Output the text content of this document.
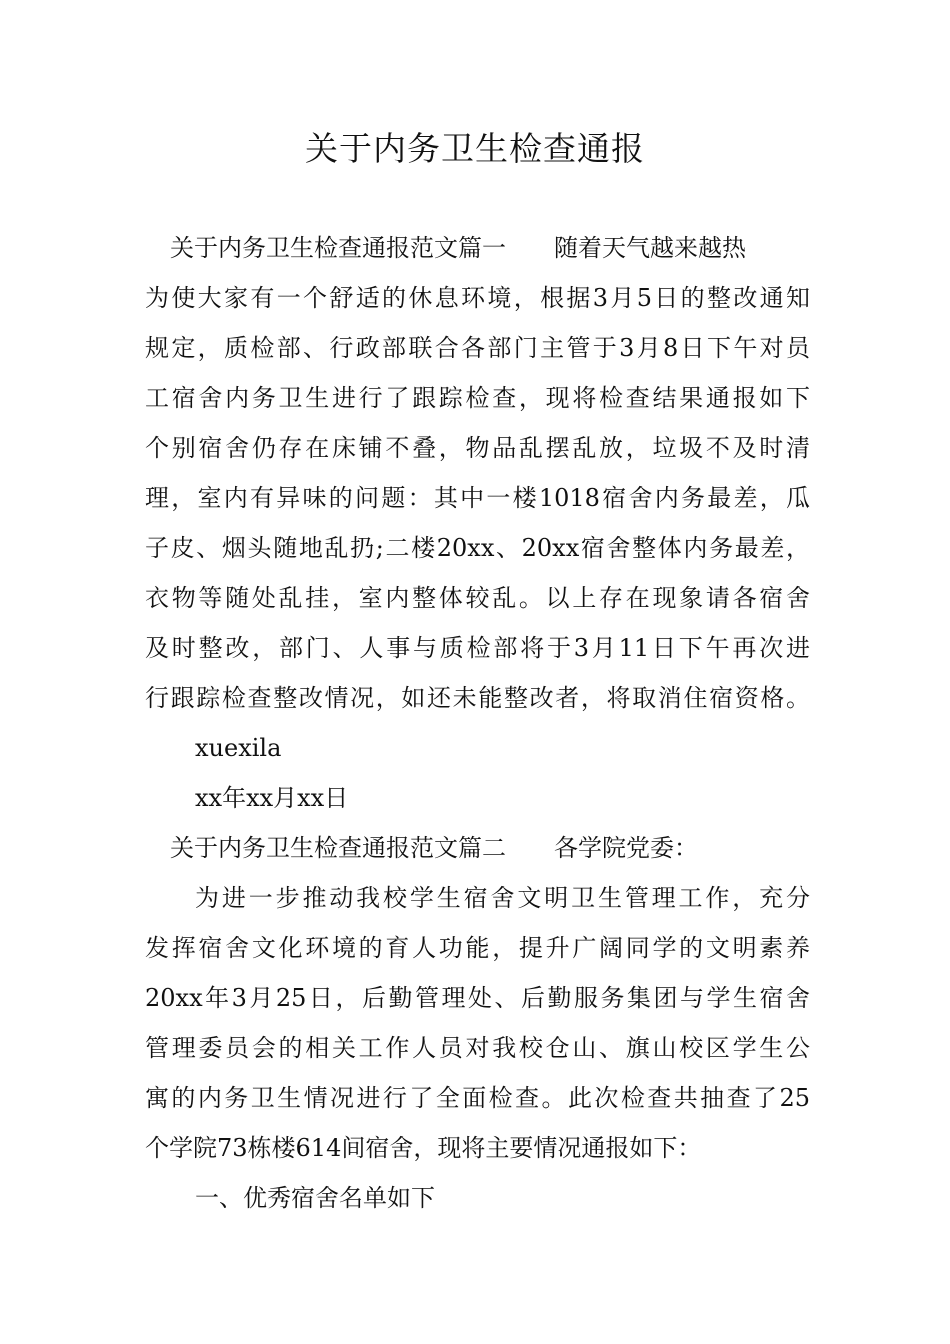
关于内务卫生检查通报

关于内务卫生检查通报范文篇一 随着天气越来越热

为使大家有一个舒适的休息环境，根据3月5日的整改通知

规定，质检部、行政部联合各部门主管于3月8日下午对员

工宿舍内务卫生进行了跟踪检查，现将检查结果通报如下

个别宿舍仍存在床铺不叠，物品乱摆乱放，垃圾不及时清

理，室内有异味的问题：其中一楼1018宿舍内务最差，瓜

子皮、烟头随地乱扔;二楼20xx、20xx宿舍整体内务最差，

衣物等随处乱挂，室内整体较乱。以上存在现象请各宿舍

及时整改，部门、人事与质检部将于3月11日下午再次进

行跟踪检查整改情况，如还未能整改者，将取消住宿资格。

xuexila

xx年xx月xx日

关于内务卫生检查通报范文篇二 各学院党委：

为进一步推动我校学生宿舍文明卫生管理工作，充分

发挥宿舍文化环境的育人功能，提升广阔同学的文明素养

20xx年3月25日，后勤管理处、后勤服务集团与学生宿舍

管理委员会的相关工作人员对我校仓山、旗山校区学生公

寓的内务卫生情况进行了全面检查。此次检查共抽查了25

个学院73栋楼614间宿舍，现将主要情况通报如下：

一、优秀宿舍名单如下
